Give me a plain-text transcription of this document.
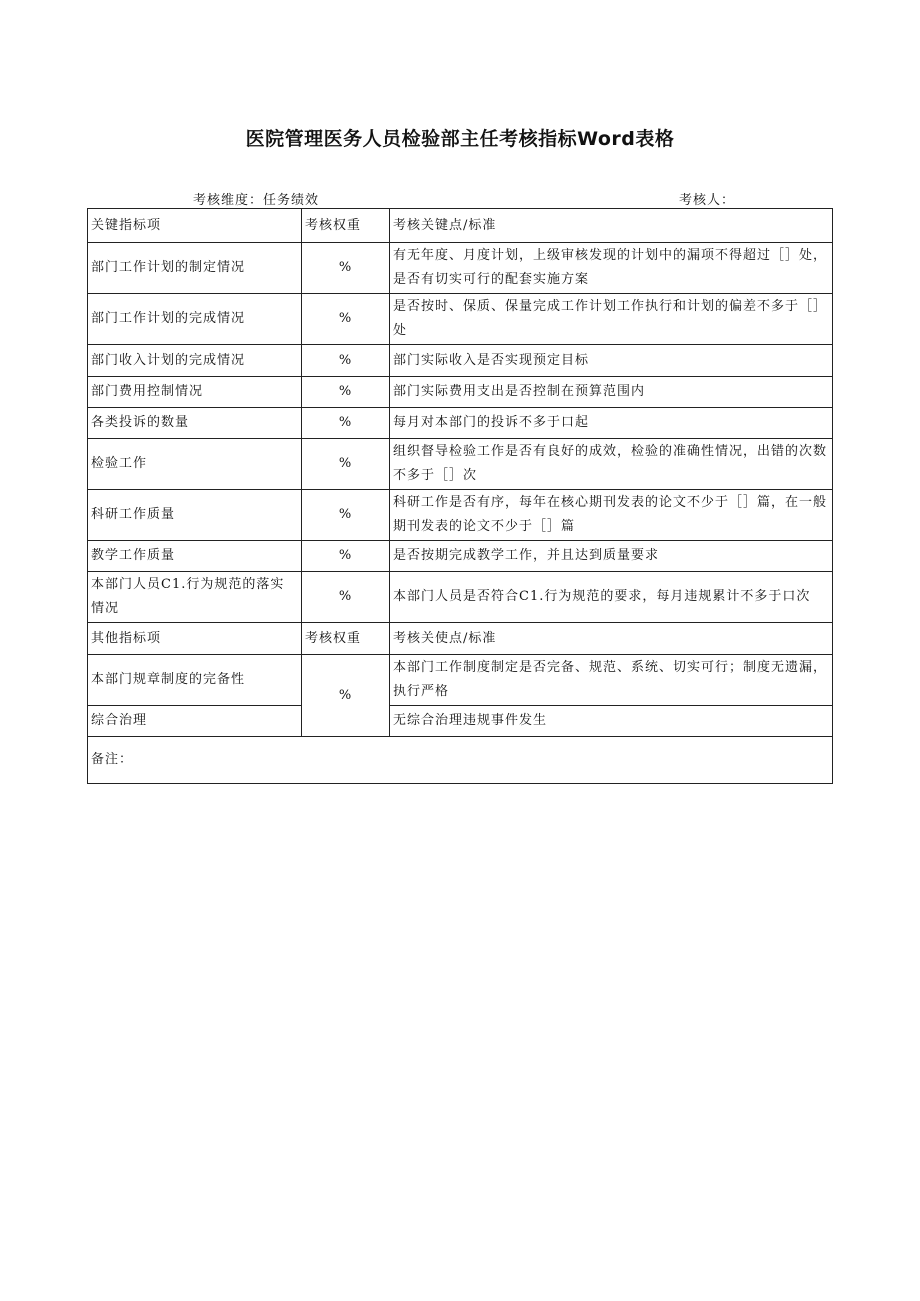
医院管理医务人员检验部主任考核指标Word表格
考核维度：任务绩效	考核人：
关键指标项	考核权重	考核关键点/标准
部门工作计划的制定情况	%	有无年度、月度计划，上级审核发现的计划中的漏项不得超过［］处，是否有切实可行的配套实施方案
部门工作计划的完成情况	%	是否按时、保质、保量完成工作计划工作执行和计划的偏差不多于［］处
部门收入计划的完成情况	%	部门实际收入是否实现预定目标
部门费用控制情况	%	部门实际费用支出是否控制在预算范围内
各类投诉的数量	%	每月对本部门的投诉不多于口起
检验工作	%	组织督导检验工作是否有良好的成效，检验的准确性情况，出错的次数不多于［］次
科研工作质量	%	科研工作是否有序，每年在核心期刊发表的论文不少于［］篇，在一般期刊发表的论文不少于［］篇
教学工作质量	%	是否按期完成教学工作，并且达到质量要求
本部门人员C1.行为规范的落实情况	%	本部门人员是否符合C1.行为规范的要求，每月违规累计不多于口次
其他指标项	考核权重	考核关使点/标准
本部门规章制度的完备性	%	本部门工作制度制定是否完备、规范、系统、切实可行；制度无遗漏，执行严格
综合治理		无综合治理违规事件发生
备注：		
